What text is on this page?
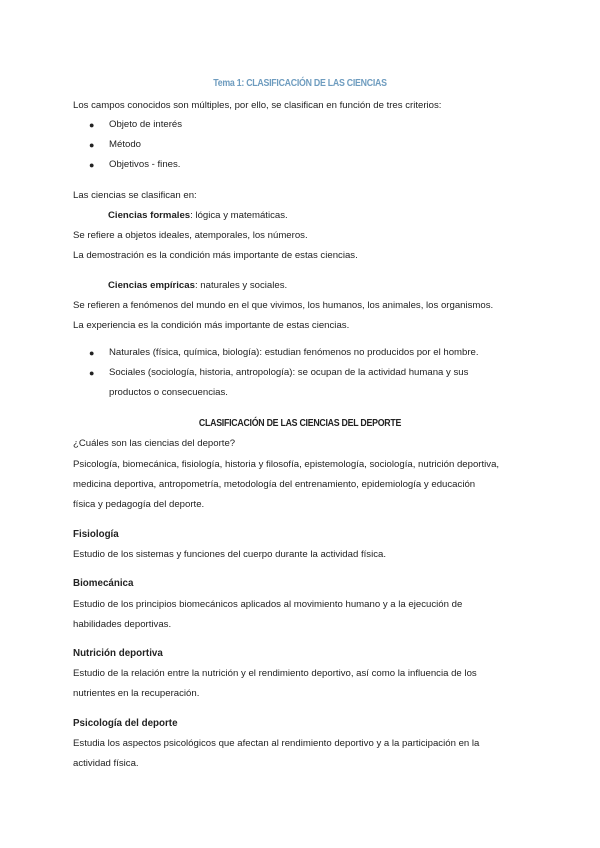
Tema 1: CLASIFICACIÓN DE LAS CIENCIAS
Los campos conocidos son múltiples, por ello, se clasifican en función de tres criterios:
● Objeto de interés
● Método
● Objetivos - fines.
Las ciencias se clasifican en:
Ciencias formales: lógica y matemáticas.
Se refiere a objetos ideales, atemporales, los números.
La demostración es la condición más importante de estas ciencias.
Ciencias empíricas: naturales y sociales.
Se refieren a fenómenos del mundo en el que vivimos, los humanos, los animales, los organismos.
La experiencia es la condición más importante de estas ciencias.
● Naturales (física, química, biología): estudian fenómenos no producidos por el hombre.
● Sociales (sociología, historia, antropología): se ocupan de la actividad humana y sus
productos o consecuencias.
CLASIFICACIÓN DE LAS CIENCIAS DEL DEPORTE
¿Cuáles son las ciencias del deporte?
Psicología, biomecánica, fisiología, historia y filosofía, epistemología, sociología, nutrición deportiva,
medicina deportiva, antropometría, metodología del entrenamiento, epidemiología y educación
física y pedagogía del deporte.
Fisiología
Estudio de los sistemas y funciones del cuerpo durante la actividad física.
Biomecánica
Estudio de los principios biomecánicos aplicados al movimiento humano y a la ejecución de
habilidades deportivas.
Nutrición deportiva
Estudio de la relación entre la nutrición y el rendimiento deportivo, así como la influencia de los
nutrientes en la recuperación.
Psicología del deporte
Estudia los aspectos psicológicos que afectan al rendimiento deportivo y a la participación en la
actividad física.
